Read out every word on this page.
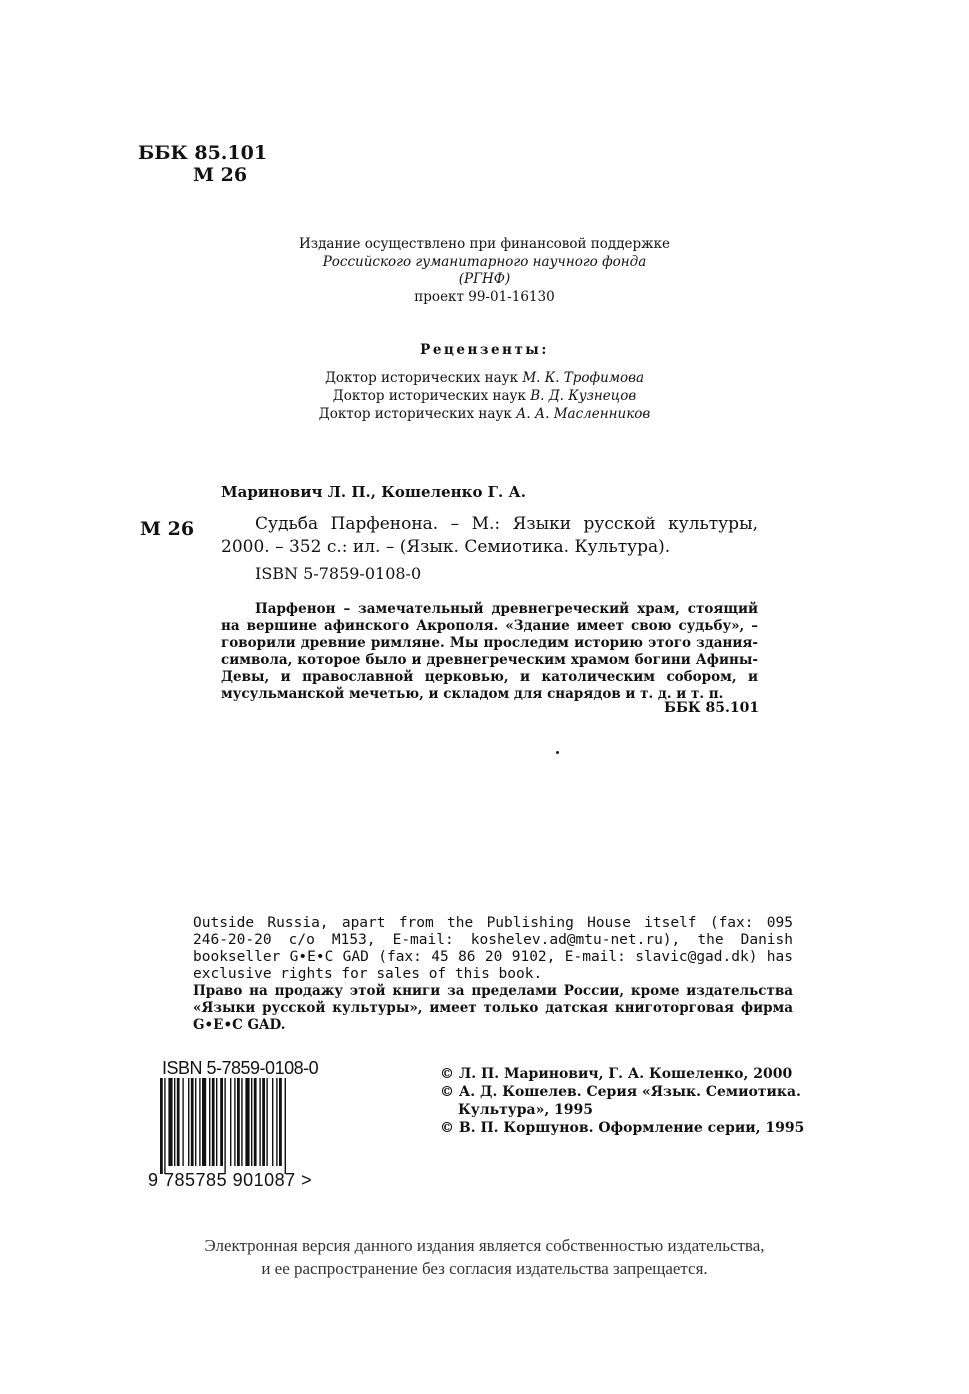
ББК 85.101
М 26
Издание осуществлено при финансовой поддержке
Российского гуманитарного научного фонда
(РГНФ)
проект 99-01-16130
Рецензенты:
Доктор исторических наук М. К. Трофимова
Доктор исторических наук В. Д. Кузнецов
Доктор исторических наук А. А. Масленников
Маринович Л. П., Кошеленко Г. А.
М 26	Судьба Парфенона. – М.: Языки русской культуры, 2000. – 352 с.: ил. – (Язык. Семиотика. Культура).
ISBN 5-7859-0108-0
Парфенон – замечательный древнегреческий храм, стоящий на вершине афинского Акрополя. «Здание имеет свою судьбу», – говорили древние римляне. Мы проследим историю этого здания-символа, которое было и древнегреческим храмом богини Афины-Девы, и православной церковью, и католическим собором, и мусульманской мечетью, и складом для снарядов и т. д. и т. п.
ББК 85.101
Outside Russia, apart from the Publishing House itself (fax: 095 246-20-20 c/o M153, E-mail: koshelev.ad@mtu-net.ru), the Danish bookseller G•E•C GAD (fax: 45 86 20 9102, E-mail: slavic@gad.dk) has exclusive rights for sales of this book.
Право на продажу этой книги за пределами России, кроме издательства «Языки русской культуры», имеет только датская книготорговая фирма G•E•C GAD.
ISBN 5-7859-0108-0
9 785785 901087 >
© Л. П. Маринович, Г. А. Кошеленко, 2000
© А. Д. Кошелев. Серия «Язык. Семиотика.
Культура», 1995
© В. П. Коршунов. Оформление серии, 1995
Электронная версия данного издания является собственностью издательства,
и ее распространение без согласия издательства запрещается.
